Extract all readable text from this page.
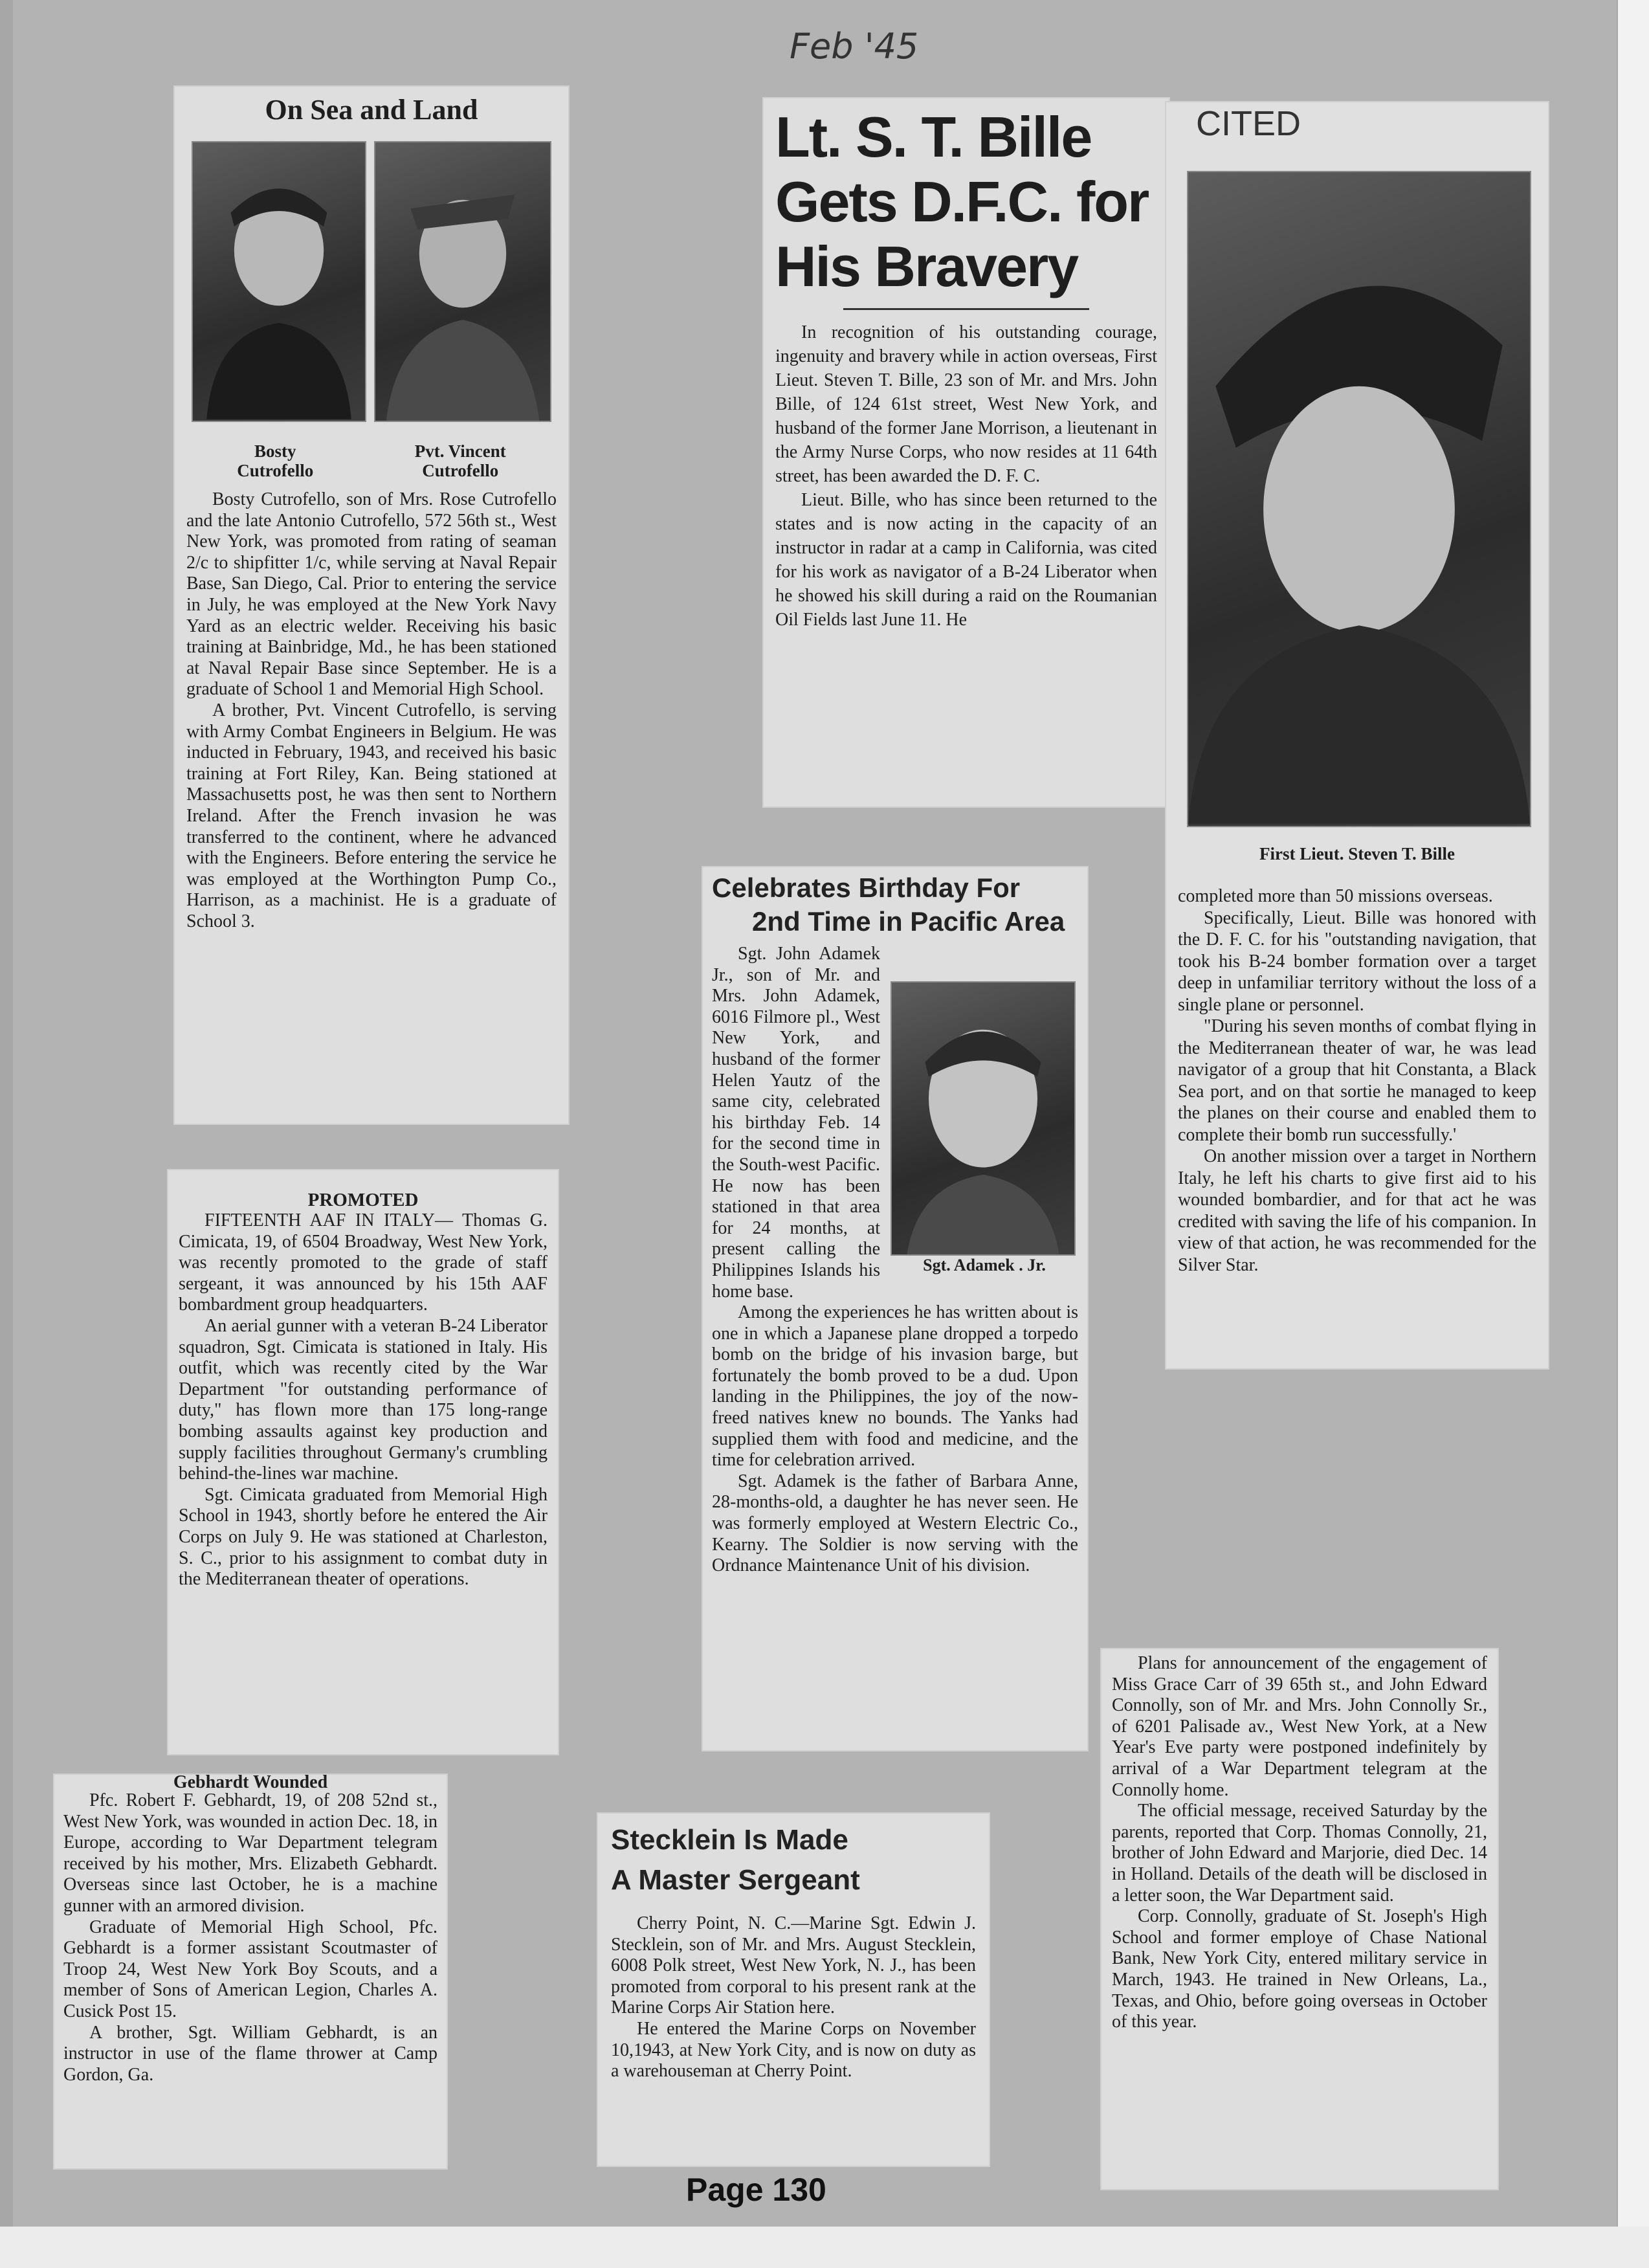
Feb '45
On Sea and Land
Bosty
Cutrofello
Pvt. Vincent
Cutrofello

Bosty Cutrofello, son of Mrs. Rose Cutrofello and the late Antonio Cutrofello, 572 56th st., West New York, was promoted from rating of seaman 2/c to shipfitter 1/c, while serving at Naval Repair Base, San Diego, Cal. Prior to entering the service in July, he was employed at the New York Navy Yard as an electric welder. Receiving his basic training at Bainbridge, Md., he has been stationed at Naval Repair Base since September. He is a graduate of School 1 and Memorial High School.

A brother, Pvt. Vincent Cutrofello, is serving with Army Combat Engineers in Belgium. He was inducted in February, 1943, and received his basic training at Fort Riley, Kan. Being stationed at Massachusetts post, he was then sent to Northern Ireland. After the French invasion he was transferred to the continent, where he advanced with the Engineers. Before entering the service he was employed at the Worthington Pump Co., Harrison, as a machinist. He is a graduate of School 3.

Lt. S. T. Bille Gets D.F.C. for His Bravery

In recognition of his outstanding courage, ingenuity and bravery while in action overseas, First Lieut. Steven T. Bille, 23 son of Mr. and Mrs. John Bille, of 124 61st street, West New York, and husband of the former Jane Morrison, a lieutenant in the Army Nurse Corps, who now resides at 11 64th street, has been awarded the D. F. C.

Lieut. Bille, who has since been returned to the states and is now acting in the capacity of an instructor in radar at a camp in California, was cited for his work as navigator of a B-24 Liberator when he showed his skill during a raid on the Roumanian Oil Fields last June 11. He

CITED
First Lieut. Steven T. Bille

completed more than 50 missions overseas.

Specifically, Lieut. Bille was honored with the D. F. C. for his "outstanding navigation, that took his B-24 bomber formation over a target deep in unfamiliar territory without the loss of a single plane or personnel.

"During his seven months of combat flying in the Mediterranean theater of war, he was lead navigator of a group that hit Constanta, a Black Sea port, and on that sortie he managed to keep the planes on their course and enabled them to complete their bomb run successfully.'

On another mission over a target in Northern Italy, he left his charts to give first aid to his wounded bombardier, and for that act he was credited with saving the life of his companion. In view of that action, he was recommended for the Silver Star.

PROMOTED

FIFTEENTH AAF IN ITALY— Thomas G. Cimicata, 19, of 6504 Broadway, West New York, was recently promoted to the grade of staff sergeant, it was announced by his 15th AAF bombardment group headquarters.

An aerial gunner with a veteran B-24 Liberator squadron, Sgt. Cimicata is stationed in Italy. His outfit, which was recently cited by the War Department "for outstanding performance of duty," has flown more than 175 long-range bombing assaults against key production and supply facilities throughout Germany's crumbling behind-the-lines war machine.

Sgt. Cimicata graduated from Memorial High School in 1943, shortly before he entered the Air Corps on July 9. He was stationed at Charleston, S. C., prior to his assignment to combat duty in the Mediterranean theater of operations.

Celebrates Birthday For
2nd Time in Pacific Area
Sgt. Adamek . Jr.

Sgt. John Adamek Jr., son of Mr. and Mrs. John Adamek, 6016 Filmore pl., West New York, and husband of the former Helen Yautz of the same city, celebrated his birthday Feb. 14 for the second time in the South-west Pacific. He now has been stationed in that area for 24 months, at present calling the Philippines Islands his home base.

Among the experiences he has written about is one in which a Japanese plane dropped a torpedo bomb on the bridge of his invasion barge, but fortunately the bomb proved to be a dud. Upon landing in the Philippines, the joy of the now-freed natives knew no bounds. The Yanks had supplied them with food and medicine, and the time for celebration arrived.

Sgt. Adamek is the father of Barbara Anne, 28-months-old, a daughter he has never seen. He was formerly employed at Western Electric Co., Kearny. The Soldier is now serving with the Ordnance Maintenance Unit of his division.

Gebhardt Wounded

Pfc. Robert F. Gebhardt, 19, of 208 52nd st., West New York, was wounded in action Dec. 18, in Europe, according to War Department telegram received by his mother, Mrs. Elizabeth Gebhardt. Overseas since last October, he is a machine gunner with an armored division.

Graduate of Memorial High School, Pfc. Gebhardt is a former assistant Scoutmaster of Troop 24, West New York Boy Scouts, and a member of Sons of American Legion, Charles A. Cusick Post 15.

A brother, Sgt. William Gebhardt, is an instructor in use of the flame thrower at Camp Gordon, Ga.

Stecklein Is Made
A Master Sergeant

Cherry Point, N. C.—Marine Sgt. Edwin J. Stecklein, son of Mr. and Mrs. August Stecklein, 6008 Polk street, West New York, N. J., has been promoted from corporal to his present rank at the Marine Corps Air Station here.

He entered the Marine Corps on November 10,1943, at New York City, and is now on duty as a warehouseman at Cherry Point.

Plans for announcement of the engagement of Miss Grace Carr of 39 65th st., and John Edward Connolly, son of Mr. and Mrs. John Connolly Sr., of 6201 Palisade av., West New York, at a New Year's Eve party were postponed indefinitely by arrival of a War Department telegram at the Connolly home.

The official message, received Saturday by the parents, reported that Corp. Thomas Connolly, 21, brother of John Edward and Marjorie, died Dec. 14 in Holland. Details of the death will be disclosed in a letter soon, the War Department said.

Corp. Connolly, graduate of St. Joseph's High School and former employe of Chase National Bank, New York City, entered military service in March, 1943. He trained in New Orleans, La., Texas, and Ohio, before going overseas in October of this year.

Page 130
